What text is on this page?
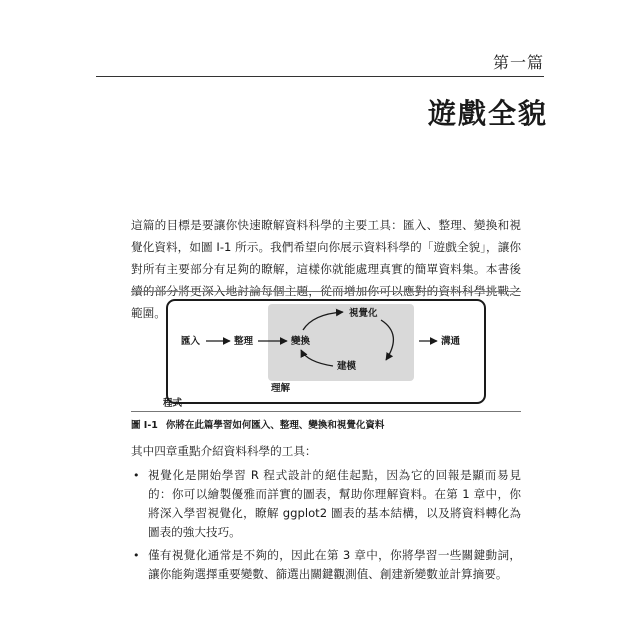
第一篇
遊戲全貌

這篇的目標是要讓你快速瞭解資料科學的主要工具：匯入、整理、變換和視覺化資料，如圖 I-1 所示。我們希望向你展示資料科學的「遊戲全貌」，讓你對所有主要部分有足夠的瞭解，這樣你就能處理真實的簡單資料集。本書後續的部分將更深入地討論每個主題，從而增加你可以應對的資料科學挑戰之範圍。

匯入	整理	變換
視覺化
建模
溝通
理解
程式
圖 I-1 你將在此篇學習如何匯入、整理、變換和視覺化資料
其中四章重點介紹資料科學的工具：
• 視覺化是開始學習 R 程式設計的絕佳起點，因為它的回報是顯而易見的：你可以繪製優雅而詳實的圖表，幫助你理解資料。在第 1 章中，你將深入學習視覺化，瞭解 ggplot2 圖表的基本結構，以及將資料轉化為圖表的強大技巧。
• 僅有視覺化通常是不夠的，因此在第 3 章中，你將學習一些關鍵動詞，讓你能夠選擇重要變數、篩選出關鍵觀測值、創建新變數並計算摘要。
